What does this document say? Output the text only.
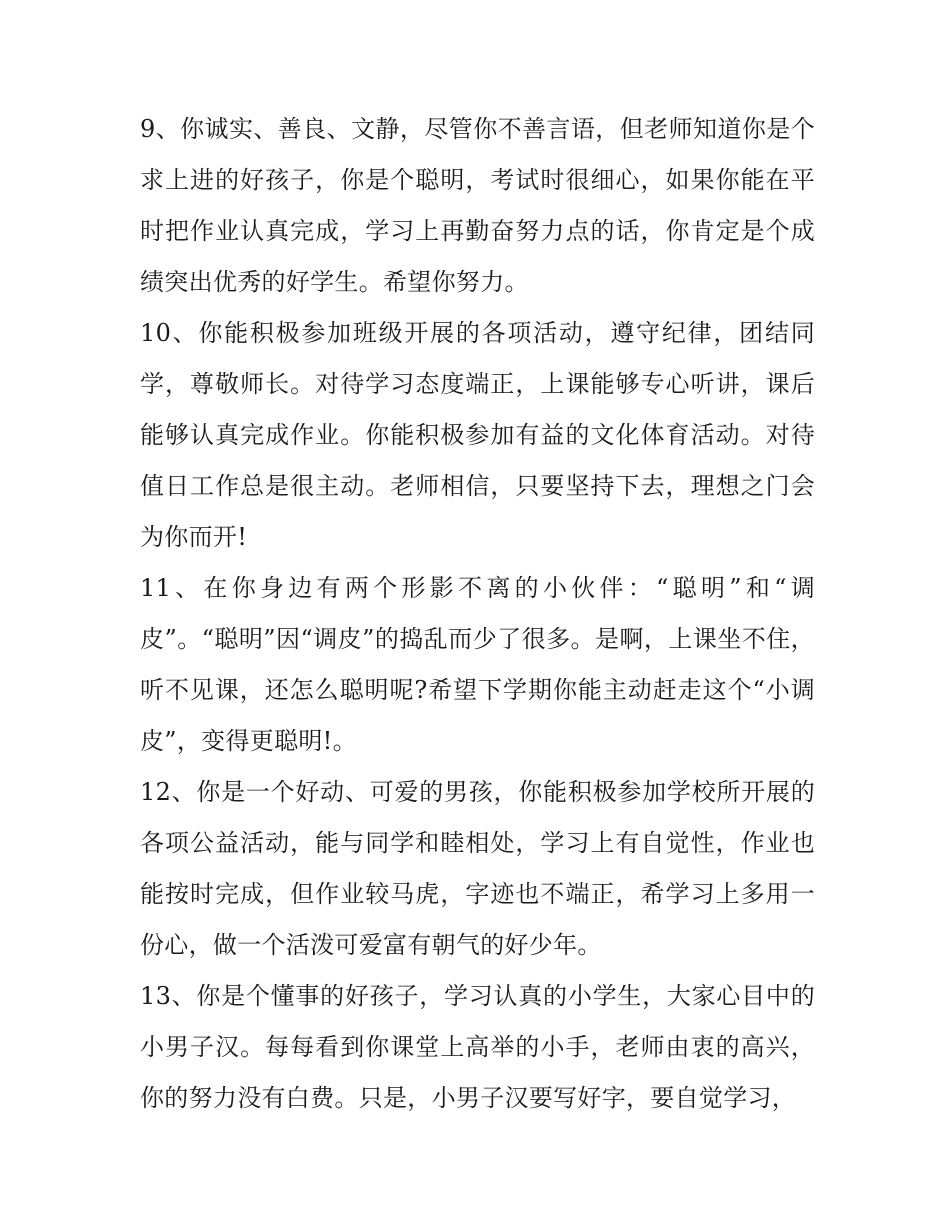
9、你诚实、善良、文静，尽管你不善言语，但老师知道你是个求上进的好孩子，你是个聪明，考试时很细心，如果你能在平时把作业认真完成，学习上再勤奋努力点的话，你肯定是个成绩突出优秀的好学生。希望你努力。

10、你能积极参加班级开展的各项活动，遵守纪律，团结同学，尊敬师长。对待学习态度端正，上课能够专心听讲，课后能够认真完成作业。你能积极参加有益的文化体育活动。对待值日工作总是很主动。老师相信，只要坚持下去，理想之门会为你而开!

11、在你身边有两个形影不离的小伙伴：“聪明”和“调皮”。“聪明”因“调皮”的捣乱而少了很多。是啊，上课坐不住，听不见课，还怎么聪明呢?希望下学期你能主动赶走这个“小调皮”，变得更聪明!。

12、你是一个好动、可爱的男孩，你能积极参加学校所开展的各项公益活动，能与同学和睦相处，学习上有自觉性，作业也能按时完成，但作业较马虎，字迹也不端正，希学习上多用一份心，做一个活泼可爱富有朝气的好少年。

13、你是个懂事的好孩子，学习认真的小学生，大家心目中的小男子汉。每每看到你课堂上高举的小手，老师由衷的高兴，你的努力没有白费。只是，小男子汉要写好字，要自觉学习，
